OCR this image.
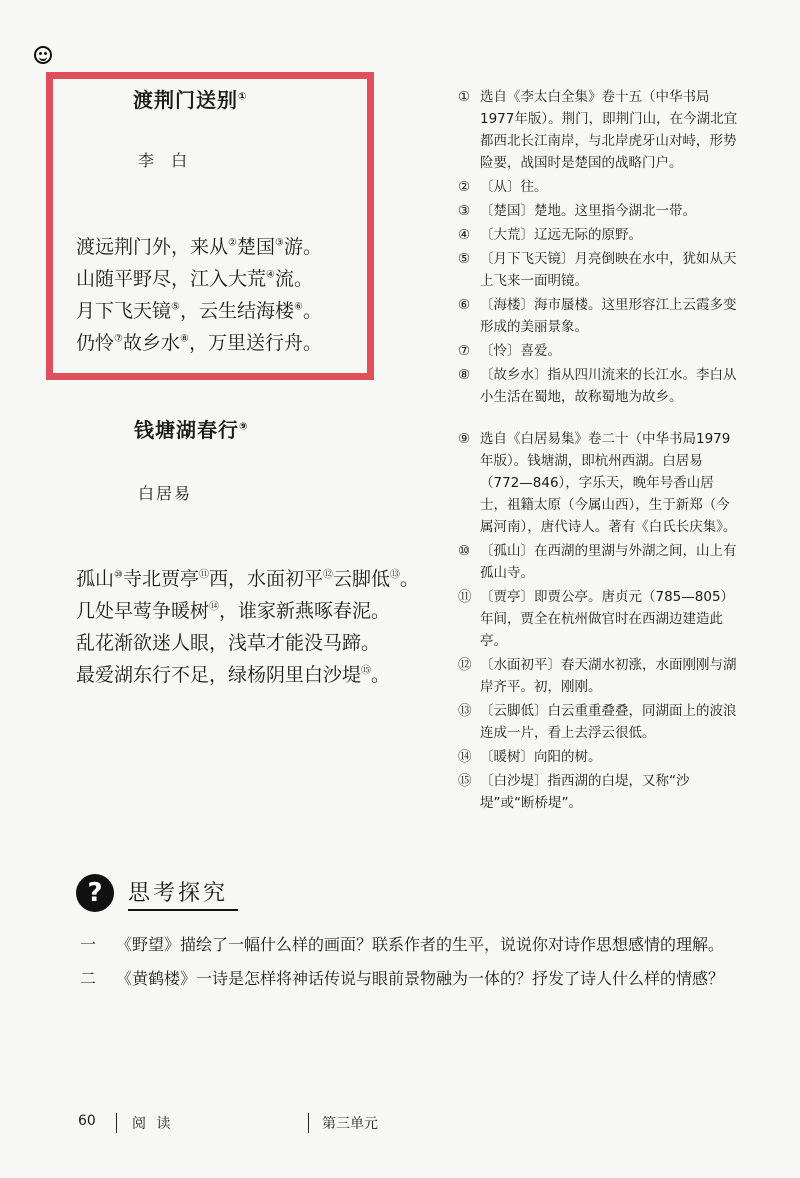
渡荆门送别①
李 白
渡远荆门外，来从②楚国③游。
山随平野尽，江入大荒④流。
月下飞天镜⑤，云生结海楼⑥。
仍怜⑦故乡水⑧，万里送行舟。
钱塘湖春行⑨
白居易
孤山⑩寺北贾亭⑪西，水面初平⑫云脚低⑬。
几处早莺争暖树⑭，谁家新燕啄春泥。
乱花渐欲迷人眼，浅草才能没马蹄。
最爱湖东行不足，绿杨阴里白沙堤⑮。
① 选自《李太白全集》卷十五（中华书局1977年版）。荆门，即荆门山，在今湖北宜都西北长江南岸，与北岸虎牙山对峙，形势险要，战国时是楚国的战略门户。
② 〔从〕往。
③ 〔楚国〕楚地。这里指今湖北一带。
④ 〔大荒〕辽远无际的原野。
⑤ 〔月下飞天镜〕月亮倒映在水中，犹如从天上飞来一面明镜。
⑥ 〔海楼〕海市蜃楼。这里形容江上云霞多变形成的美丽景象。
⑦ 〔怜〕喜爱。
⑧ 〔故乡水〕指从四川流来的长江水。李白从小生活在蜀地，故称蜀地为故乡。
⑨ 选自《白居易集》卷二十（中华书局1979年版）。钱塘湖，即杭州西湖。白居易（772—846），字乐天，晚年号香山居士，祖籍太原（今属山西），生于新郑（今属河南），唐代诗人。著有《白氏长庆集》。
⑩ 〔孤山〕在西湖的里湖与外湖之间，山上有孤山寺。
⑪ 〔贾亭〕即贾公亭。唐贞元（785—805）年间，贾全在杭州做官时在西湖边建造此亭。
⑫ 〔水面初平〕春天湖水初涨，水面刚刚与湖岸齐平。初，刚刚。
⑬ 〔云脚低〕白云重重叠叠，同湖面上的波浪连成一片，看上去浮云很低。
⑭ 〔暖树〕向阳的树。
⑮ 〔白沙堤〕指西湖的白堤，又称“沙堤”或“断桥堤”。
?	思考探究
一	《野望》描绘了一幅什么样的画面？联系作者的生平，说说你对诗作思想感情的理解。
二	《黄鹤楼》一诗是怎样将神话传说与眼前景物融为一体的？抒发了诗人什么样的情感？
60	阅 读	第三单元
